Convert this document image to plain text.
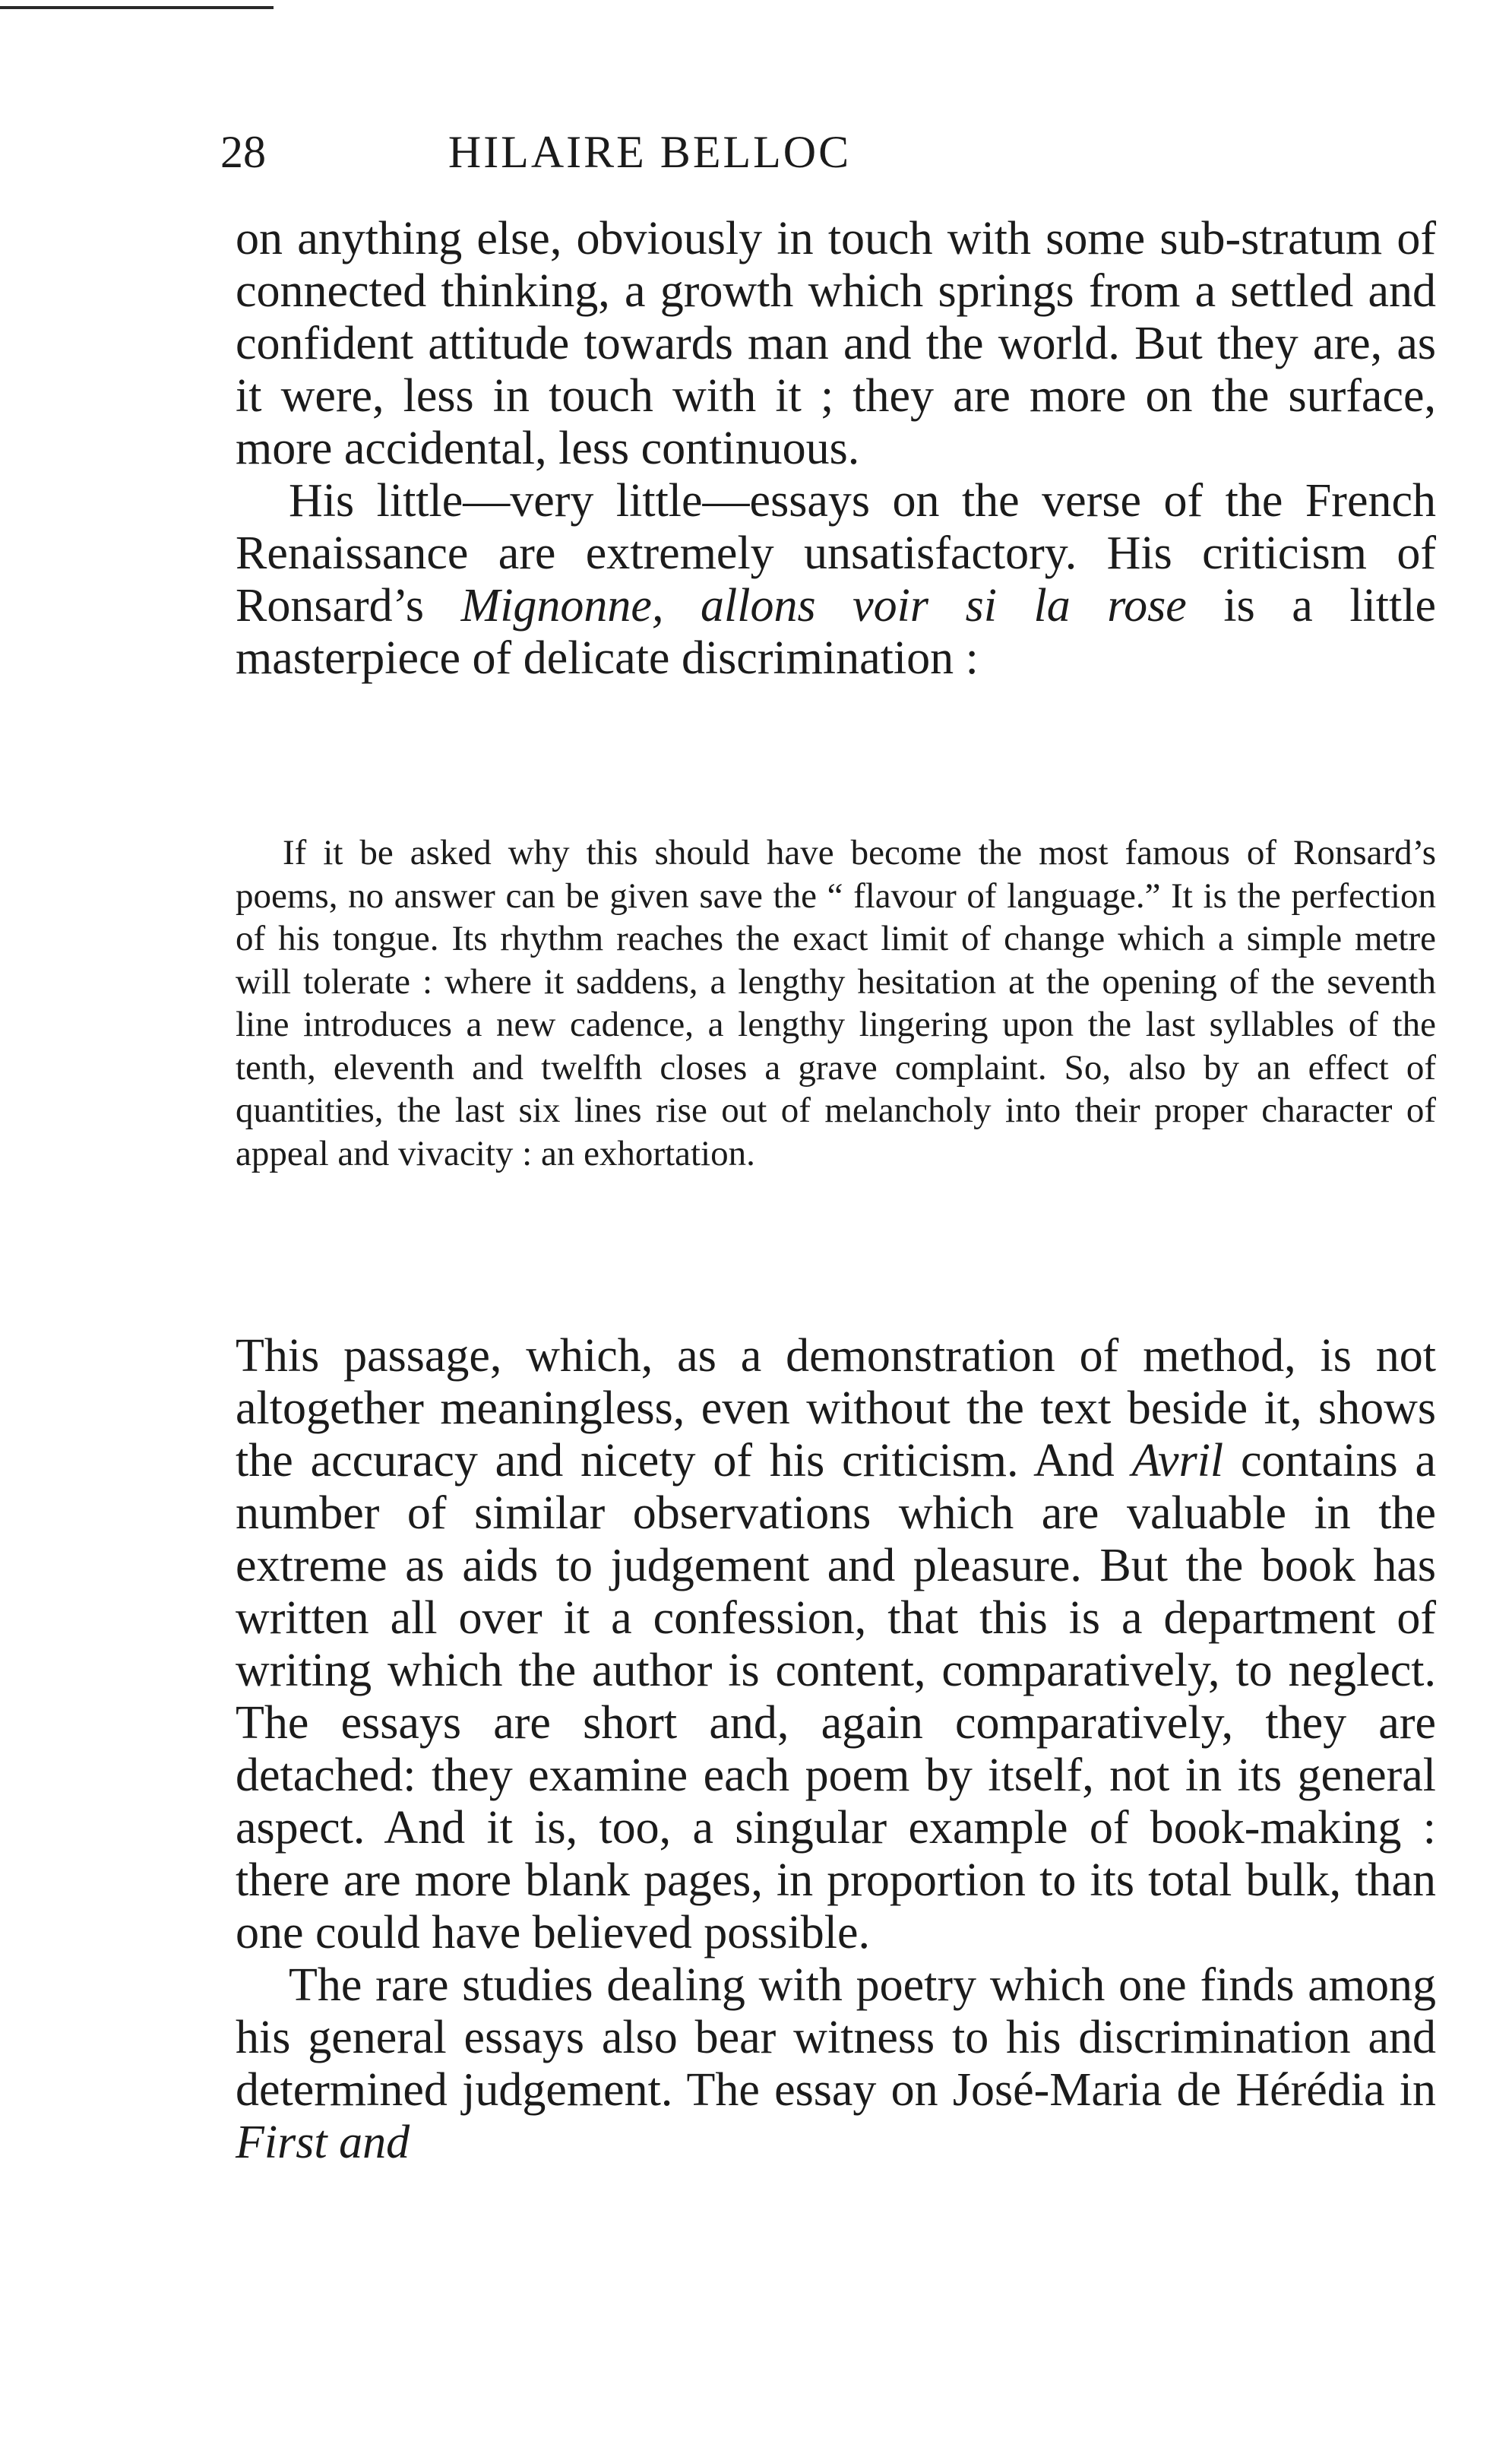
28	HILAIRE BELLOC

on anything else, obviously in touch with some sub-stratum of connected thinking, a growth which springs from a settled and confident attitude towards man and the world. But they are, as it were, less in touch with it ; they are more on the surface, more accidental, less continuous.

His little—very little—essays on the verse of the French Renaissance are extremely unsatisfactory. His criticism of Ronsard’s Mignonne, allons voir si la rose is a little masterpiece of delicate discrimination :

If it be asked why this should have become the most famous of Ronsard’s poems, no answer can be given save the “ flavour of language.” It is the perfection of his tongue. Its rhythm reaches the exact limit of change which a simple metre will tolerate : where it saddens, a lengthy hesitation at the opening of the seventh line introduces a new cadence, a lengthy lingering upon the last syllables of the tenth, eleventh and twelfth closes a grave complaint. So, also by an effect of quantities, the last six lines rise out of melancholy into their proper character of appeal and vivacity : an exhortation.

This passage, which, as a demonstration of method, is not altogether meaningless, even without the text beside it, shows the accuracy and nicety of his criticism. And Avril contains a number of similar observations which are valuable in the extreme as aids to judgement and pleasure. But the book has written all over it a confession, that this is a department of writing which the author is content, comparatively, to neglect. The essays are short and, again comparatively, they are detached: they examine each poem by itself, not in its general aspect. And it is, too, a singular example of book-making : there are more blank pages, in proportion to its total bulk, than one could have believed possible.

The rare studies dealing with poetry which one finds among his general essays also bear witness to his discrimination and determined judgement. The essay on José-Maria de Hérédia in First and
